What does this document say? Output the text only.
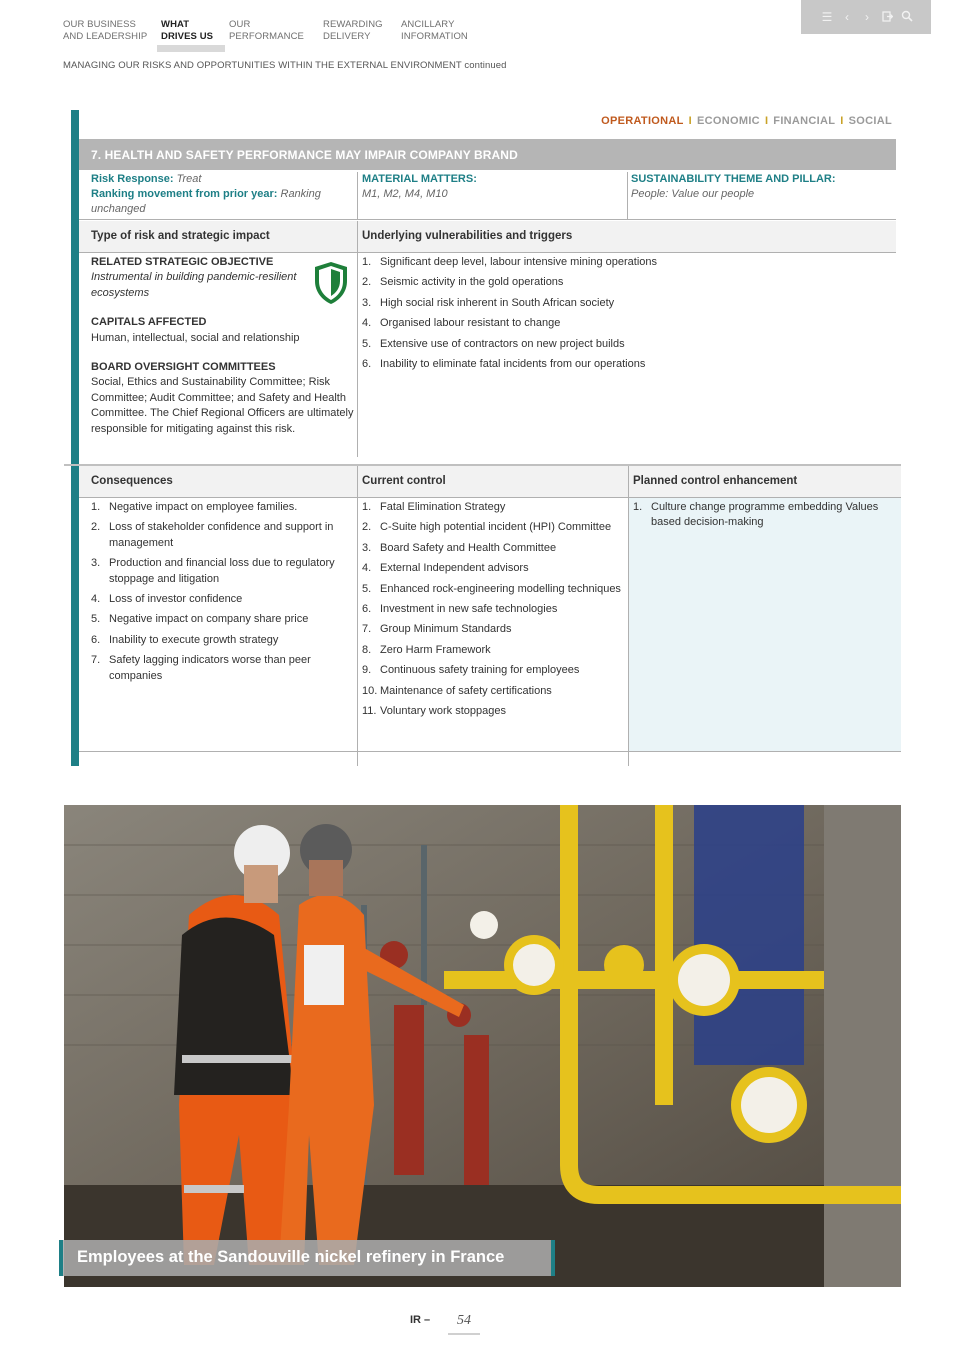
OUR BUSINESS
AND LEADERSHIP
WHAT
DRIVES US
OUR
PERFORMANCE
REWARDING
DELIVERY
ANCILLARY
INFORMATION
☰	‹	›
MANAGING OUR RISKS AND OPPORTUNITIES WITHIN THE EXTERNAL ENVIRONMENT continued
OPERATIONAL I ECONOMIC I FINANCIAL I SOCIAL
7. HEALTH AND SAFETY PERFORMANCE MAY IMPAIR COMPANY BRAND
Risk Response: Treat
Ranking movement from prior year: Ranking unchanged
MATERIAL MATTERS:
M1, M2, M4, M10
SUSTAINABILITY THEME AND PILLAR:
People: Value our people
Type of risk and strategic impact	Underlying vulnerabilities and triggers
RELATED STRATEGIC OBJECTIVE
Instrumental in building pandemic-resilient ecosystems
CAPITALS AFFECTED
Human, intellectual, social and relationship
BOARD OVERSIGHT COMMITTEES
Social, Ethics and Sustainability Committee; Risk Committee; Audit Committee; and Safety and Health Committee. The Chief Regional Officers are ultimately responsible for mitigating against this risk.
1. Significant deep level, labour intensive mining operations
2. Seismic activity in the gold operations
3. High social risk inherent in South African society
4. Organised labour resistant to change
5. Extensive use of contractors on new project builds
6. Inability to eliminate fatal incidents from our operations
Consequences	Current control	Planned control enhancement
1. Negative impact on employee families.
2. Loss of stakeholder confidence and support in management
3. Production and financial loss due to regulatory stoppage and litigation
4. Loss of investor confidence
5. Negative impact on company share price
6. Inability to execute growth strategy
7. Safety lagging indicators worse than peer companies
1. Fatal Elimination Strategy
2. C-Suite high potential incident (HPI) Committee
3. Board Safety and Health Committee
4. External Independent advisors
5. Enhanced rock-engineering modelling techniques
6. Investment in new safe technologies
7. Group Minimum Standards
8. Zero Harm Framework
9. Continuous safety training for employees
10. Maintenance of safety certifications
11. Voluntary work stoppages
1. Culture change programme embedding Values based decision-making
Employees at the Sandouville nickel refinery in France
IR –	54
